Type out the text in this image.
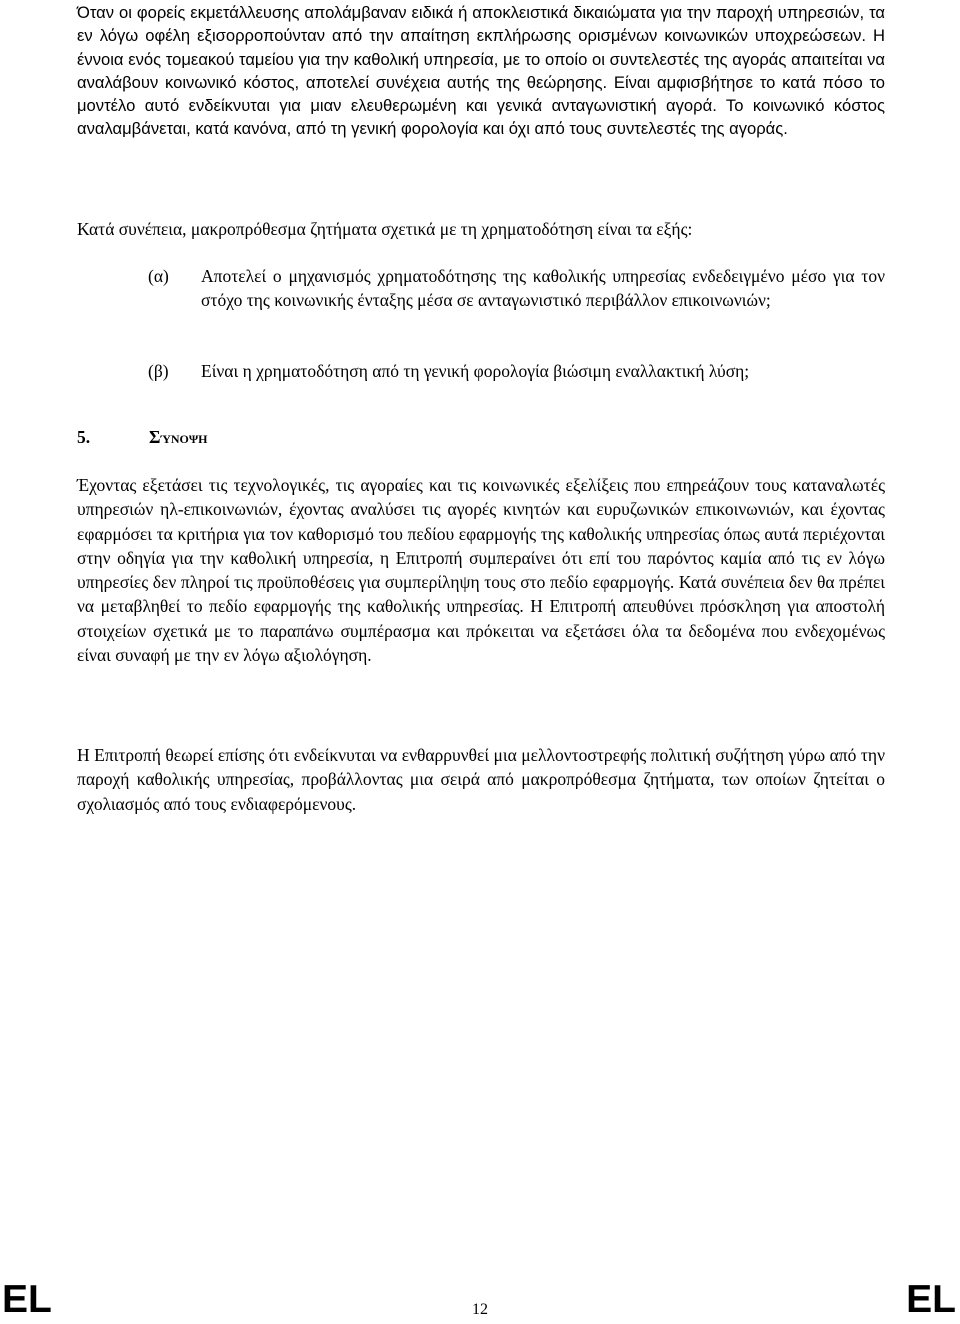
Όταν οι φορείς εκμετάλλευσης απολάμβαναν ειδικά ή αποκλειστικά δικαιώματα για την παροχή υπηρεσιών, τα εν λόγω οφέλη εξισορροπούνταν από την απαίτηση εκπλήρωσης ορισμένων κοινωνικών υποχρεώσεων. Η έννοια ενός τομεακού ταμείου για την καθολική υπηρεσία, με το οποίο οι συντελεστές της αγοράς απαιτείται να αναλάβουν κοινωνικό κόστος, αποτελεί συνέχεια αυτής της θεώρησης. Είναι αμφισβήτησε το κατά πόσο το μοντέλο αυτό ενδείκνυται για μιαν ελευθερωμένη και γενικά ανταγωνιστική αγορά. Το κοινωνικό κόστος αναλαμβάνεται, κατά κανόνα, από τη γενική φορολογία και όχι από τους συντελεστές της αγοράς.

Κατά συνέπεια, μακροπρόθεσμα ζητήματα σχετικά με τη χρηματοδότηση είναι τα εξής:

(α)	Αποτελεί ο μηχανισμός χρηματοδότησης της καθολικής υπηρεσίας ενδεδειγμένο μέσο για τον στόχο της κοινωνικής ένταξης μέσα σε ανταγωνιστικό περιβάλλον επικοινωνιών;

(β)	Είναι η χρηματοδότηση από τη γενική φορολογία βιώσιμη εναλλακτική λύση;

5.	Σύνοψη

Έχοντας εξετάσει τις τεχνολογικές, τις αγοραίες και τις κοινωνικές εξελίξεις που επηρεάζουν τους καταναλωτές υπηρεσιών ηλ-επικοινωνιών, έχοντας αναλύσει τις αγορές κινητών και ευρυζωνικών επικοινωνιών, και έχοντας εφαρμόσει τα κριτήρια για τον καθορισμό του πεδίου εφαρμογής της καθολικής υπηρεσίας όπως αυτά περιέχονται στην οδηγία για την καθολική υπηρεσία, η Επιτροπή συμπεραίνει ότι επί του παρόντος καμία από τις εν λόγω υπηρεσίες δεν πληροί τις προϋποθέσεις για συμπερίληψη τους στο πεδίο εφαρμογής. Κατά συνέπεια δεν θα πρέπει να μεταβληθεί το πεδίο εφαρμογής της καθολικής υπηρεσίας. Η Επιτροπή απευθύνει πρόσκληση για αποστολή στοιχείων σχετικά με το παραπάνω συμπέρασμα και πρόκειται να εξετάσει όλα τα δεδομένα που ενδεχομένως είναι συναφή με την εν λόγω αξιολόγηση.

Η Επιτροπή θεωρεί επίσης ότι ενδείκνυται να ενθαρρυνθεί μια μελλοντοστρεφής πολιτική συζήτηση γύρω από την παροχή καθολικής υπηρεσίας, προβάλλοντας μια σειρά από μακροπρόθεσμα ζητήματα, των οποίων ζητείται ο σχολιασμός από τους ενδιαφερόμενους.

EL	12	EL
